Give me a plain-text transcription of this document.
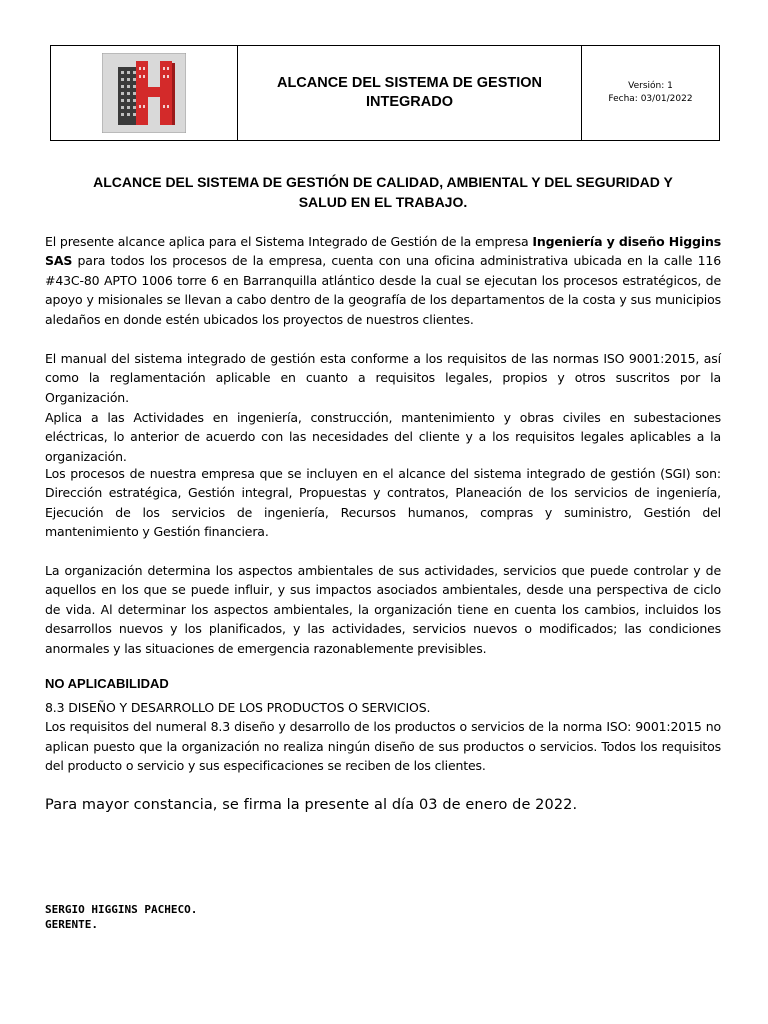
ALCANCE DEL SISTEMA DE GESTION
INTEGRADO
Versión: 1
Fecha: 03/01/2022
ALCANCE DEL SISTEMA DE GESTIÓN DE CALIDAD, AMBIENTAL Y DEL SEGURIDAD Y
SALUD EN EL TRABAJO.
El presente alcance aplica para el Sistema Integrado de Gestión de la empresa Ingeniería y diseño Higgins SAS para todos los procesos de la empresa, cuenta con una oficina administrativa ubicada en la calle 116 #43C-80 APTO 1006 torre 6 en Barranquilla atlántico desde la cual se ejecutan los procesos estratégicos, de apoyo y misionales se llevan a cabo dentro de la geografía de los departamentos de la costa y sus municipios aledaños en donde estén ubicados los proyectos de nuestros clientes.
El manual del sistema integrado de gestión esta conforme a los requisitos de las normas ISO 9001:2015, así como la reglamentación aplicable en cuanto a requisitos legales, propios y otros suscritos por la Organización.
Aplica a las Actividades en ingeniería, construcción, mantenimiento y obras civiles en subestaciones eléctricas, lo anterior de acuerdo con las necesidades del cliente y a los requisitos legales aplicables a la organización.
Los procesos de nuestra empresa que se incluyen en el alcance del sistema integrado de gestión (SGI) son: Dirección estratégica, Gestión integral, Propuestas y contratos, Planeación de los servicios de ingeniería, Ejecución de los servicios de ingeniería, Recursos humanos, compras y suministro, Gestión del mantenimiento y Gestión financiera.
La organización determina los aspectos ambientales de sus actividades, servicios que puede controlar y de aquellos en los que se puede influir, y sus impactos asociados ambientales, desde una perspectiva de ciclo de vida. Al determinar los aspectos ambientales, la organización tiene en cuenta los cambios, incluidos los desarrollos nuevos y los planificados, y las actividades, servicios nuevos o modificados; las condiciones anormales y las situaciones de emergencia razonablemente previsibles.
NO APLICABILIDAD
8.3 DISEÑO Y DESARROLLO DE LOS PRODUCTOS O SERVICIOS.
Los requisitos del numeral 8.3 diseño y desarrollo de los productos o servicios de la norma ISO: 9001:2015 no aplican puesto que la organización no realiza ningún diseño de sus productos o servicios. Todos los requisitos del producto o servicio y sus especificaciones se reciben de los clientes.
Para mayor constancia, se firma la presente al día 03 de enero de 2022.
SERGIO HIGGINS PACHECO.
GERENTE.
